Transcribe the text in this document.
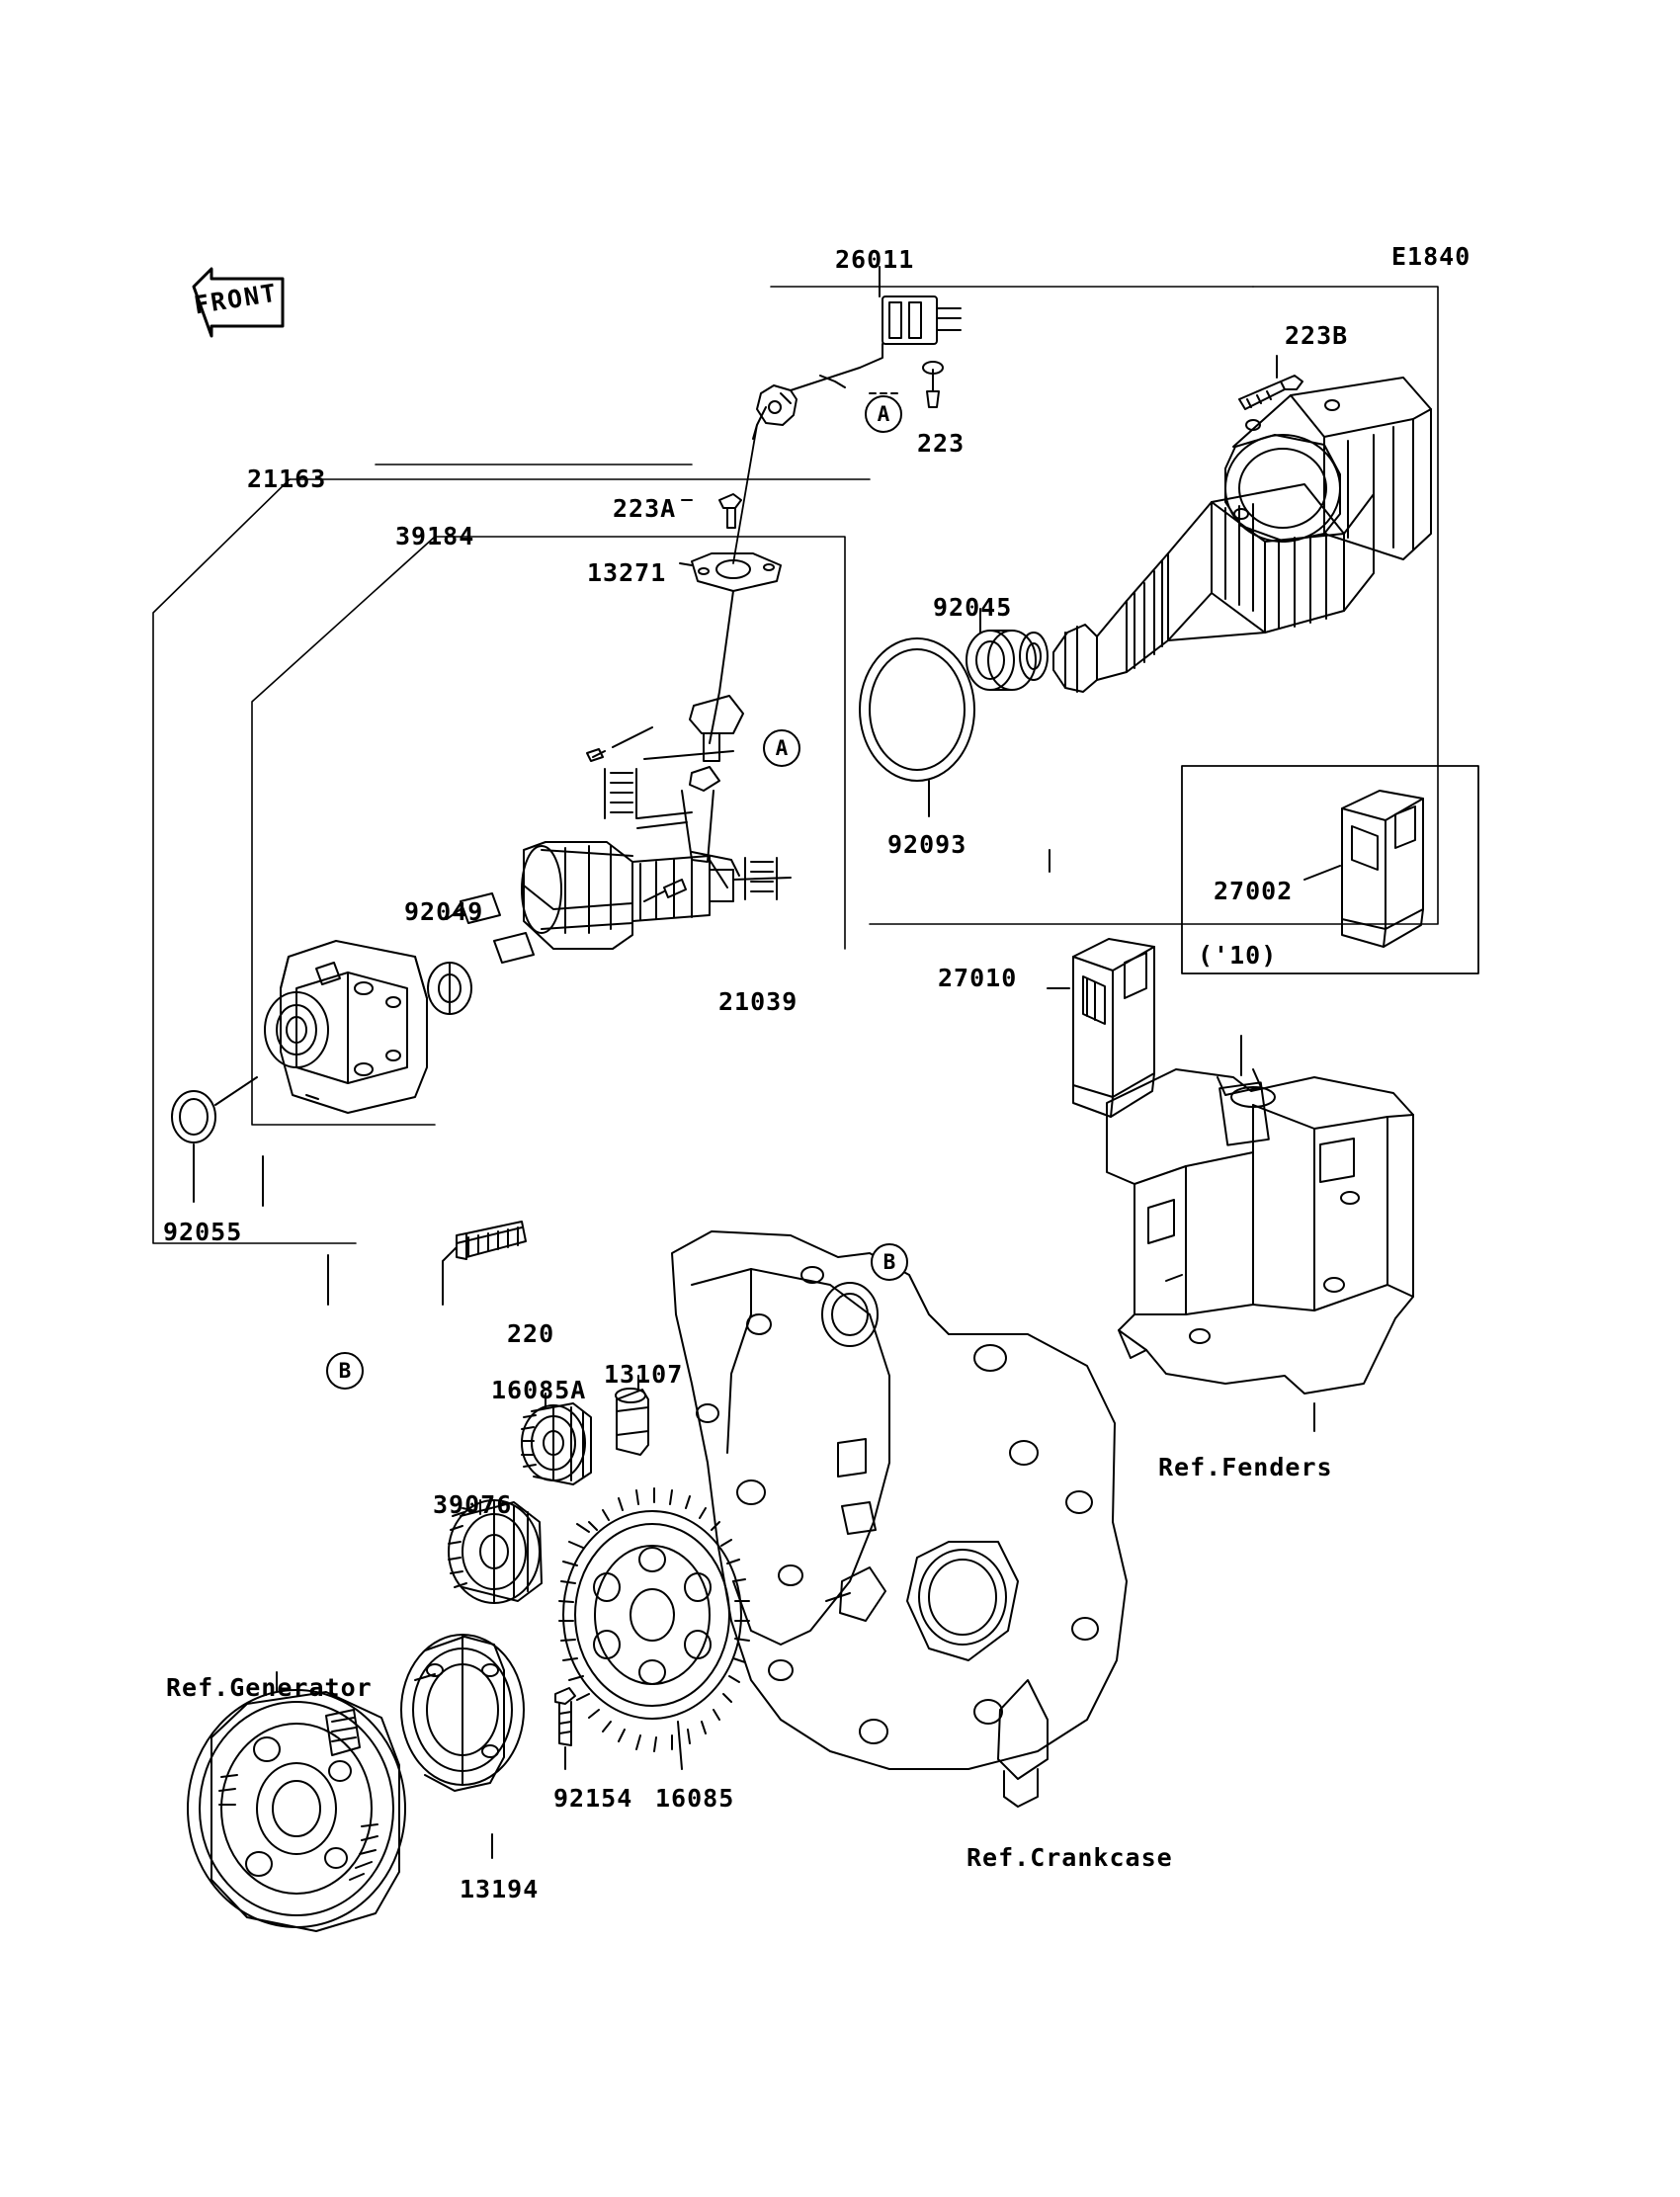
FRONT
E1840
26011
223B
223
223A
21163
39184
13271
92045
92093
27002
92049
21039
27010
92055
220
16085A
13107
39076
92154 16085
13194
('10)
Ref.Fenders
Ref.Generator
Ref.Crankcase
A
A
B
B
